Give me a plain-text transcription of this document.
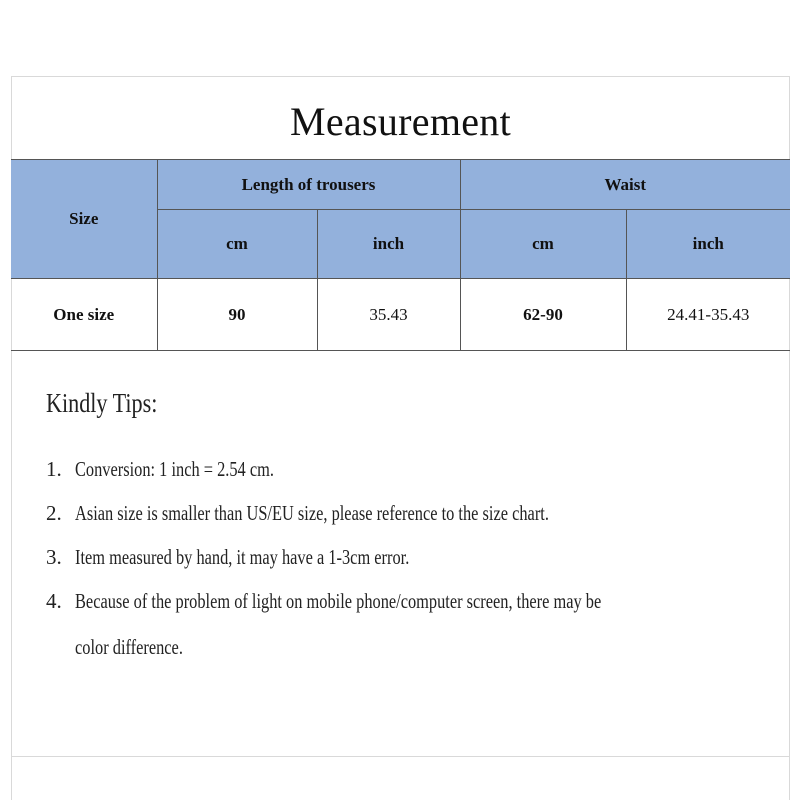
Measurement
Size	Length of trousers		Waist	
	cm	inch	cm	inch
One size	90	35.43	62-90	24.41-35.43
Kindly Tips:
1. Conversion: 1 inch = 2.54 cm.
2. Asian size is smaller than US/EU size, please reference to the size chart.
3. Item measured by hand, it may have a 1-3cm error.
4. Because of the problem of light on mobile phone/computer screen, there may be
color difference.
